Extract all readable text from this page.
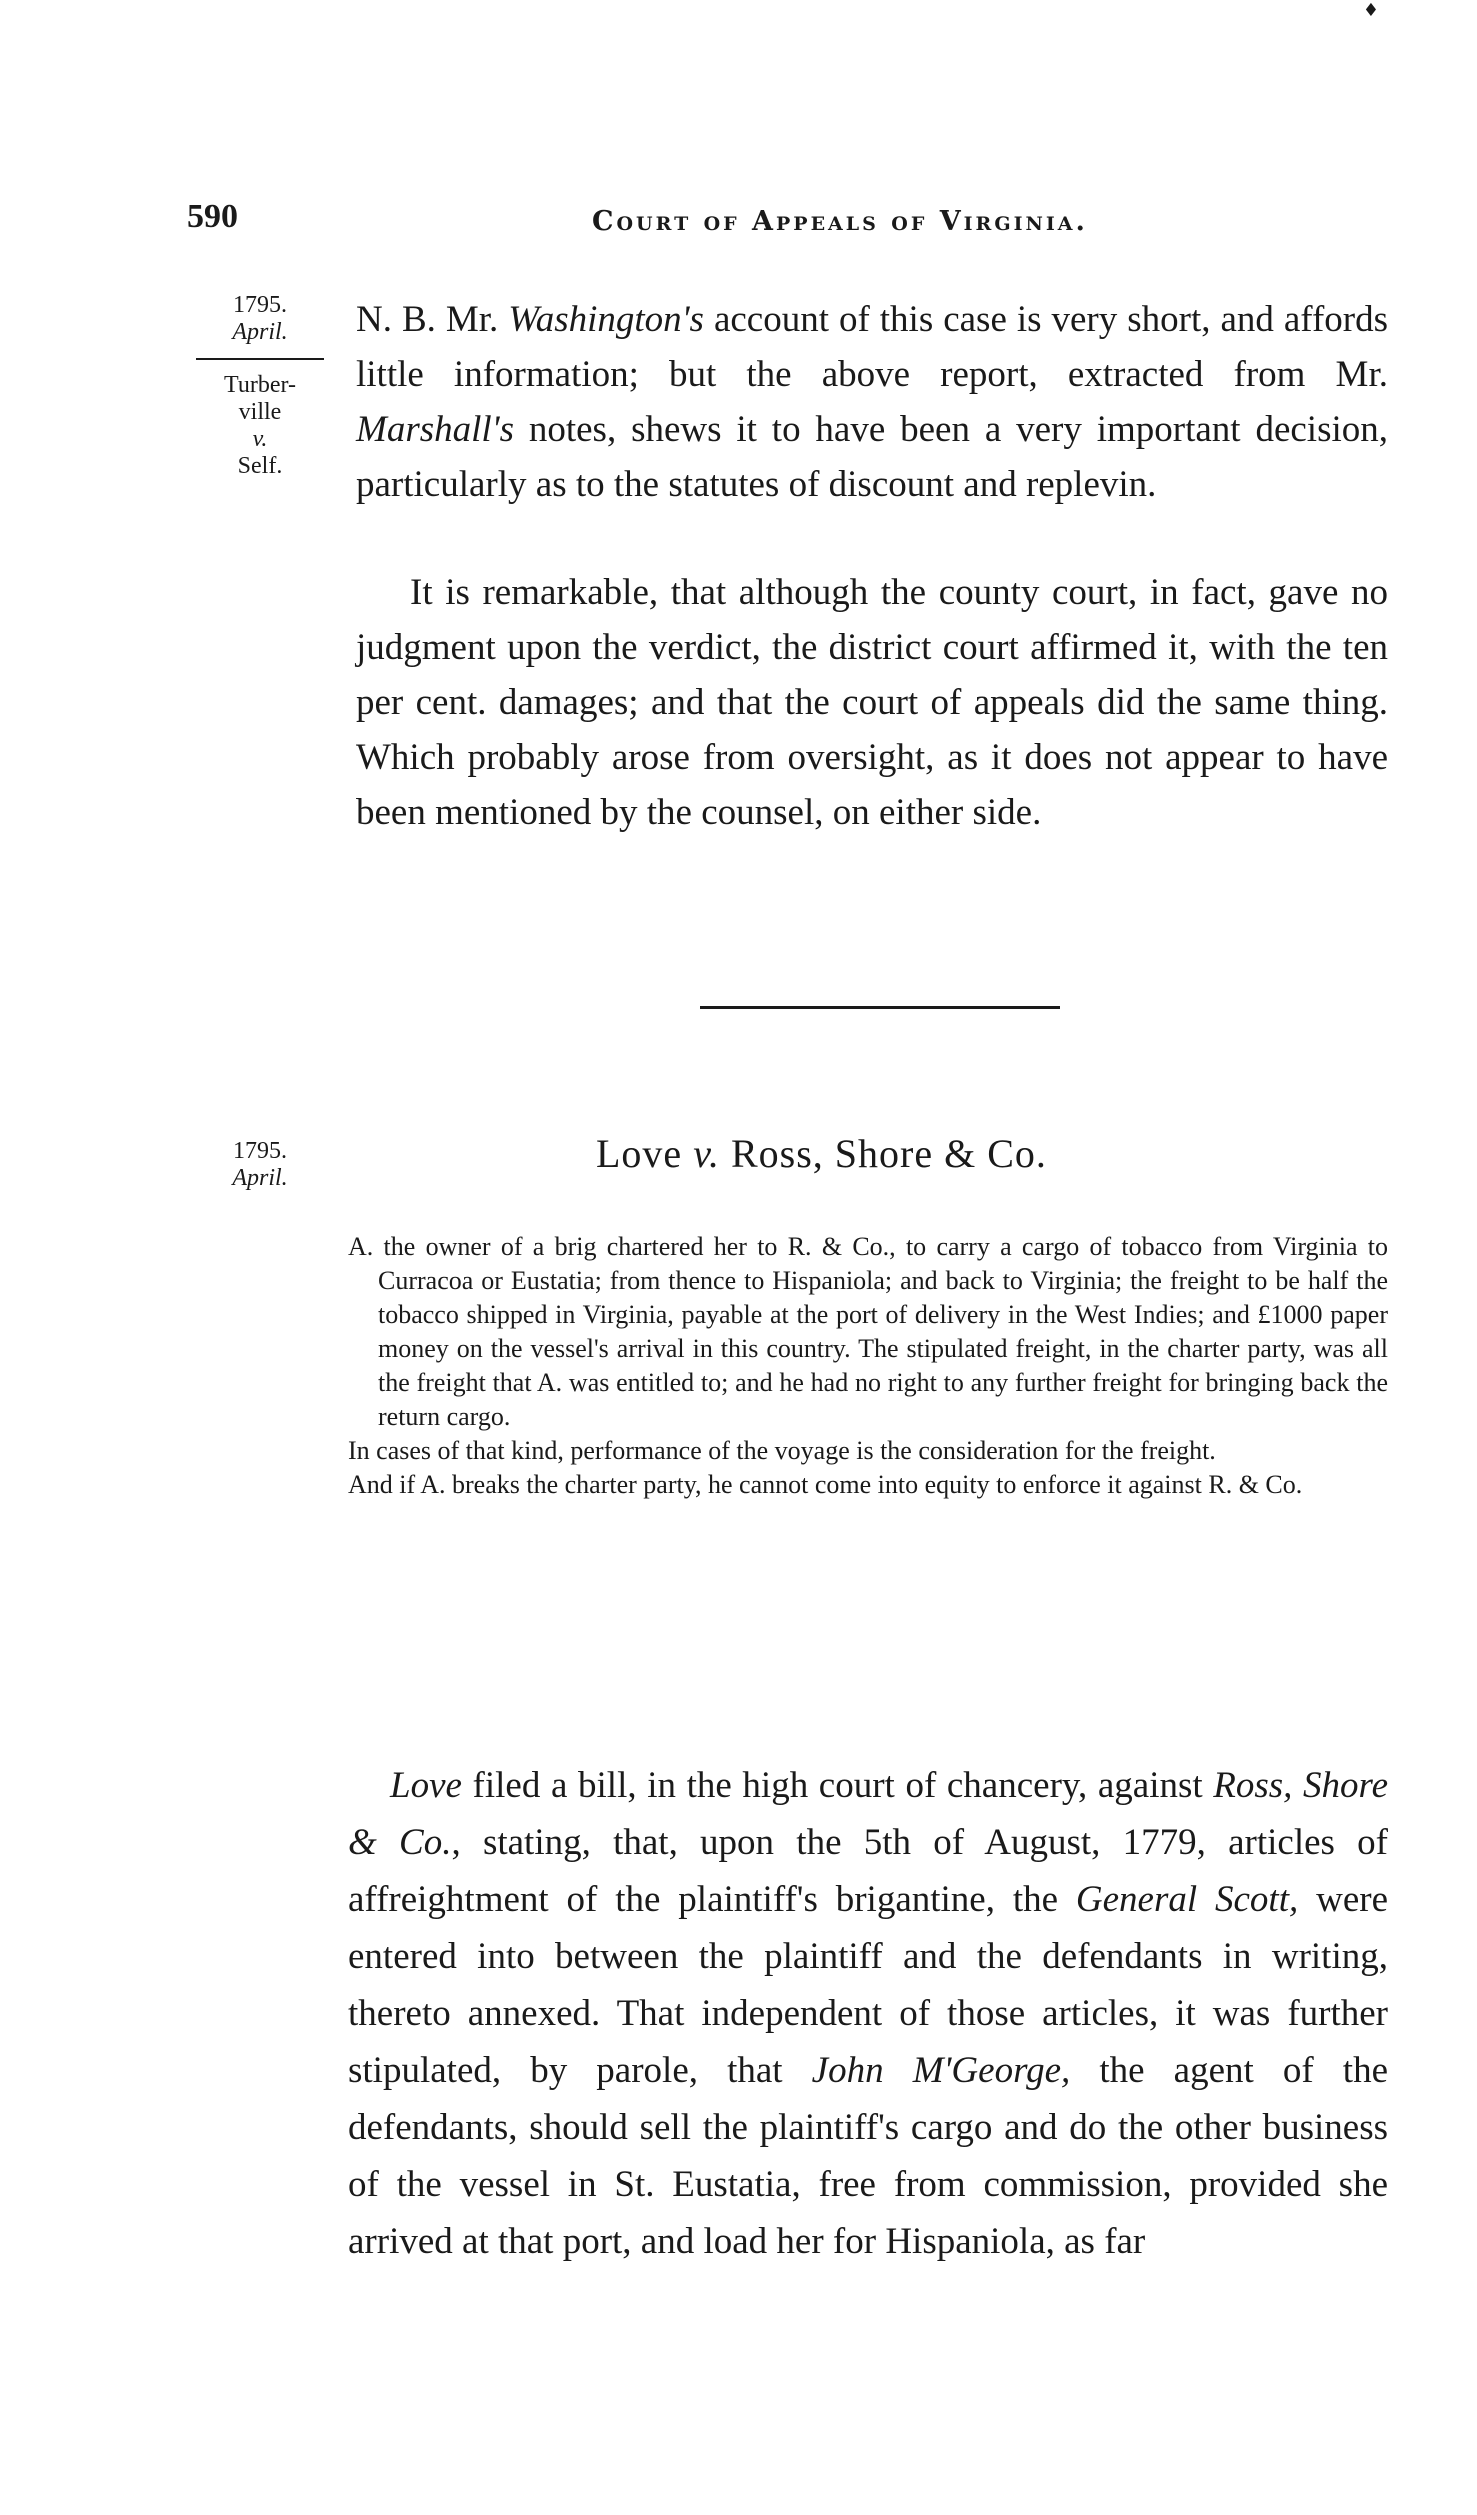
♦
590	Court of Appeals of Virginia.
1795.
April.
Turber-
ville
v.
Self.

N. B. Mr. Washington's account of this case is very short, and affords little information; but the above report, extracted from Mr. Marshall's notes, shews it to have been a very important decision, particularly as to the statutes of discount and replevin.

It is remarkable, that although the county court, in fact, gave no judgment upon the verdict, the district court affirmed it, with the ten per cent. damages; and that the court of appeals did the same thing. Which probably arose from oversight, as it does not appear to have been mentioned by the counsel, on either side.

1795.
April.
Love v. Ross, Shore & Co.

A. the owner of a brig chartered her to R. & Co., to carry a cargo of tobacco from Virginia to Curracoa or Eustatia; from thence to Hispaniola; and back to Virginia; the freight to be half the tobacco shipped in Virginia, payable at the port of delivery in the West Indies; and £1000 paper money on the vessel's arrival in this country. The stipulated freight, in the charter party, was all the freight that A. was entitled to; and he had no right to any further freight for bringing back the return cargo.

In cases of that kind, performance of the voyage is the consideration for the freight.

And if A. breaks the charter party, he cannot come into equity to enforce it against R. & Co.

Love filed a bill, in the high court of chancery, against Ross, Shore & Co., stating, that, upon the 5th of August, 1779, articles of affreightment of the plaintiff's brigantine, the General Scott, were entered into between the plaintiff and the defendants in writing, thereto annexed. That independent of those articles, it was further stipulated, by parole, that John M'George, the agent of the defendants, should sell the plaintiff's cargo and do the other business of the vessel in St. Eustatia, free from commission, provided she arrived at that port, and load her for Hispaniola, as far
